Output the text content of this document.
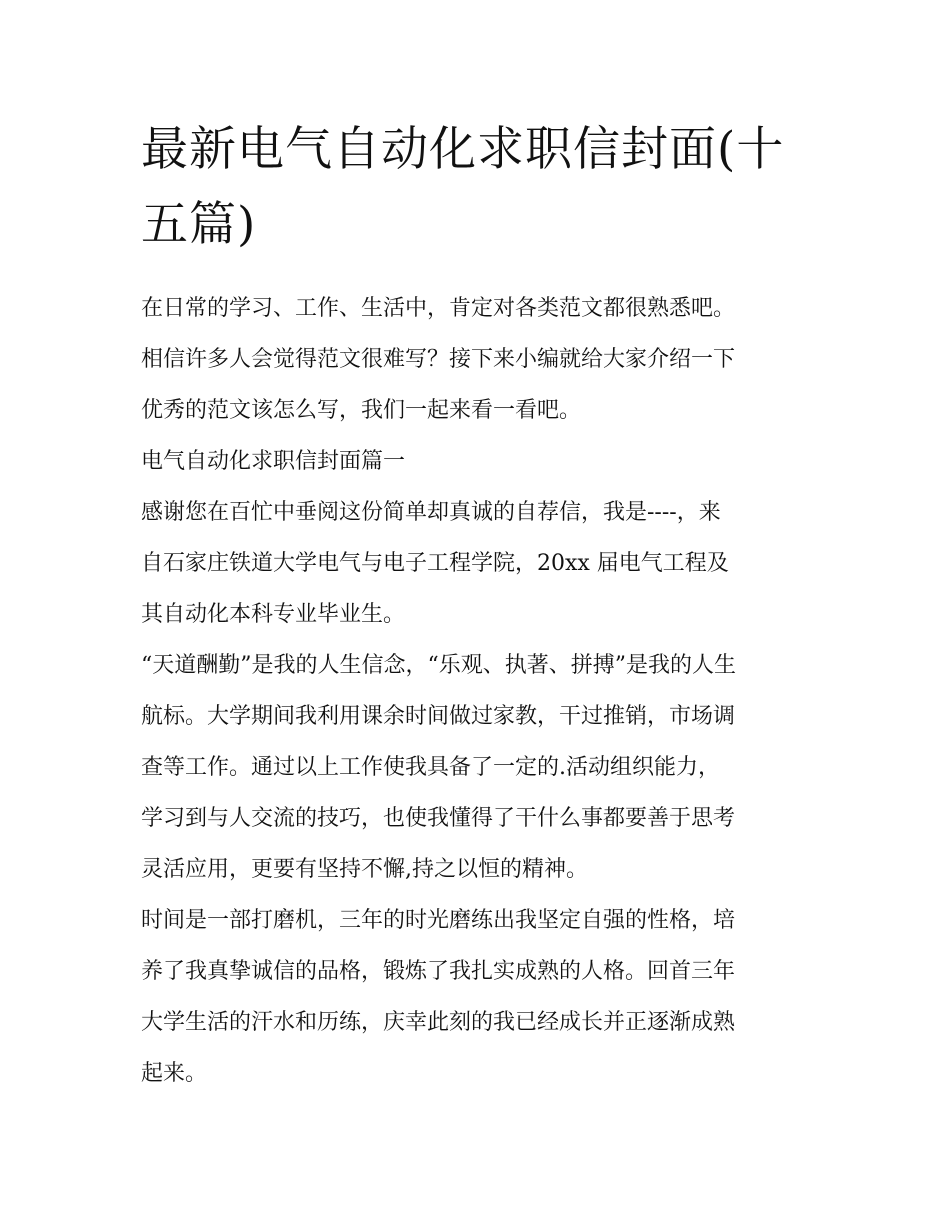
最新电气自动化求职信封面(十
五篇)

在日常的学习、工作、生活中，肯定对各类范文都很熟悉吧。
相信许多人会觉得范文很难写？接下来小编就给大家介绍一下
优秀的范文该怎么写，我们一起来看一看吧。

电气自动化求职信封面篇一

感谢您在百忙中垂阅这份简单却真诚的自荐信，我是----，来
自石家庄铁道大学电气与电子工程学院，20xx 届电气工程及
其自动化本科专业毕业生。

“天道酬勤”是我的人生信念，“乐观、执著、拼搏”是我的人生
航标。大学期间我利用课余时间做过家教，干过推销，市场调
查等工作。通过以上工作使我具备了一定的.活动组织能力，
学习到与人交流的技巧，也使我懂得了干什么事都要善于思考
灵活应用，更要有坚持不懈,持之以恒的精神。

时间是一部打磨机，三年的时光磨练出我坚定自强的性格，培
养了我真挚诚信的品格，锻炼了我扎实成熟的人格。回首三年
大学生活的汗水和历练，庆幸此刻的我已经成长并正逐渐成熟
起来。
